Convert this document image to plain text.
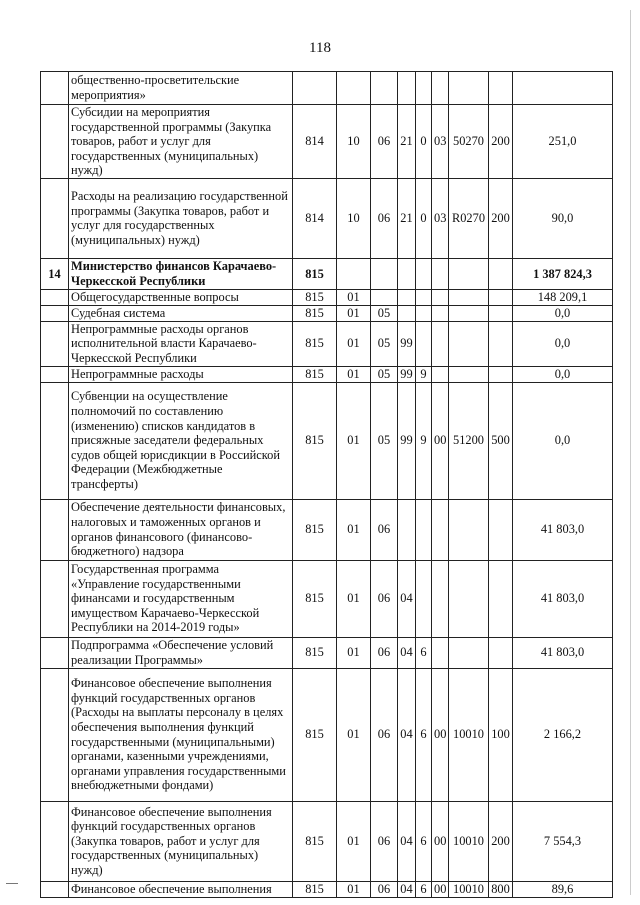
118
	общественно-просветительские мероприятия»									
	Субсидии на мероприятия государственной программы (Закупка товаров, работ и услуг для государственных (муниципальных) нужд)	814	10	06	21	0	03	50270	200	251,0
	Расходы на реализацию государственной программы (Закупка товаров, работ и услуг для государственных (муниципальных) нужд)	814	10	06	21	0	03	R0270	200	90,0
14	Министерство финансов Карачаево-Черкесской Республики	815								1 387 824,3
	Общегосударственные вопросы	815	01							148 209,1
	Судебная система	815	01	05						0,0
	Непрограммные расходы органов исполнительной власти Карачаево-Черкесской Республики	815	01	05	99					0,0
	Непрограммные расходы	815	01	05	99	9				0,0
	Субвенции на осуществление полномочий по составлению (изменению) списков кандидатов в присяжные заседатели федеральных судов общей юрисдикции в Российской Федерации (Межбюджетные трансферты)	815	01	05	99	9	00	51200	500	0,0
	Обеспечение деятельности финансовых, налоговых и таможенных органов и органов финансового (финансово-бюджетного) надзора	815	01	06						41 803,0
	Государственная программа «Управление государственными финансами и государственным имуществом Карачаево-Черкесской Республики на 2014-2019 годы»	815	01	06	04					41 803,0
	Подпрограмма «Обеспечение условий реализации Программы»	815	01	06	04	6				41 803,0
	Финансовое обеспечение выполнения функций государственных органов (Расходы на выплаты персоналу в целях обеспечения выполнения функций государственными (муниципальными) органами, казенными учреждениями, органами управления государственными внебюджетными фондами)	815	01	06	04	6	00	10010	100	2 166,2
	Финансовое обеспечение выполнения функций государственных органов (Закупка товаров, работ и услуг для государственных (муниципальных) нужд)	815	01	06	04	6	00	10010	200	7 554,3
	Финансовое обеспечение выполнения	815	01	06	04	6	00	10010	800	89,6
